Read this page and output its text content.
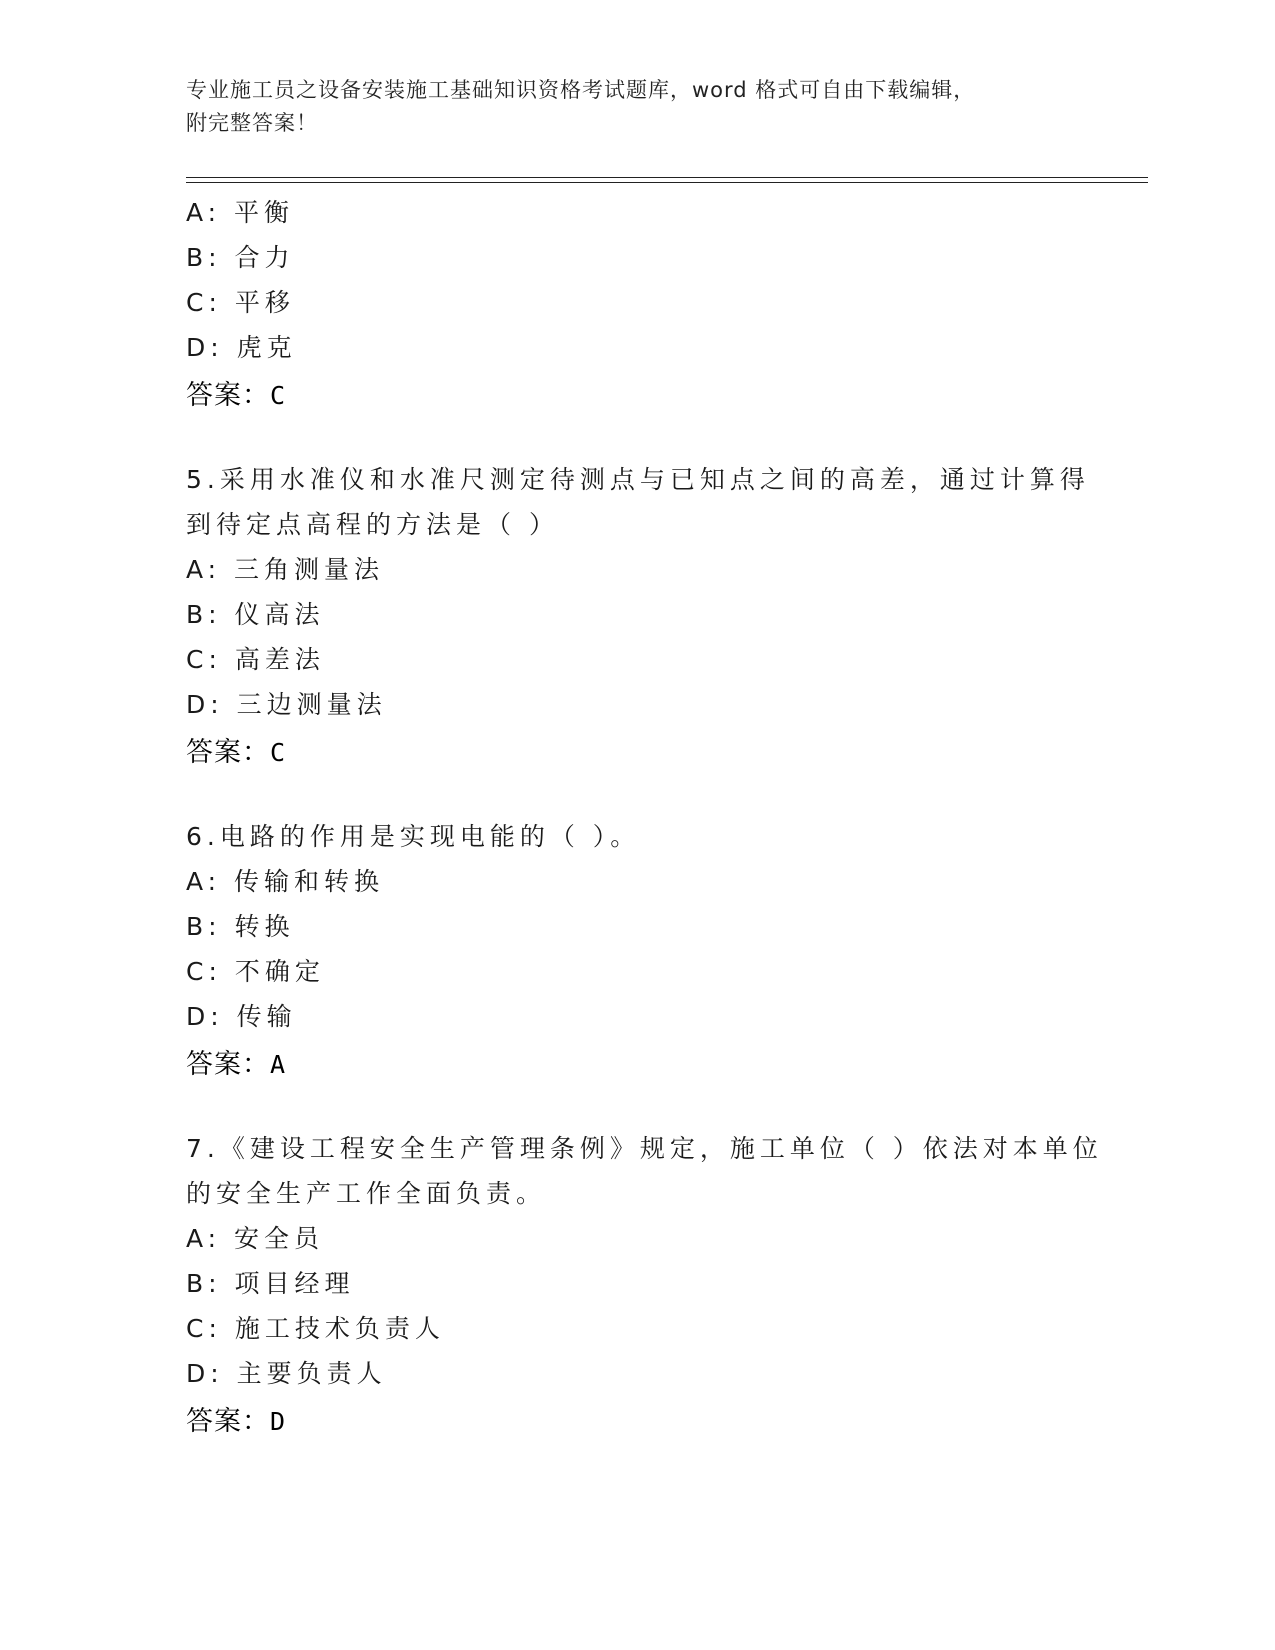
专业施工员之设备安装施工基础知识资格考试题库，word 格式可自由下载编辑，
附完整答案！
A: 平衡
B: 合力
C: 平移
D: 虎克
答案：C
5.采用水准仪和水准尺测定待测点与已知点之间的高差，通过计算得
到待定点高程的方法是（ ）
A: 三角测量法
B: 仪高法
C: 高差法
D: 三边测量法
答案：C
6.电路的作用是实现电能的（ ）。
A: 传输和转换
B: 转换
C: 不确定
D: 传输
答案：A
7.《建设工程安全生产管理条例》规定，施工单位（ ）依法对本单位
的安全生产工作全面负责。
A: 安全员
B: 项目经理
C: 施工技术负责人
D: 主要负责人
答案：D
